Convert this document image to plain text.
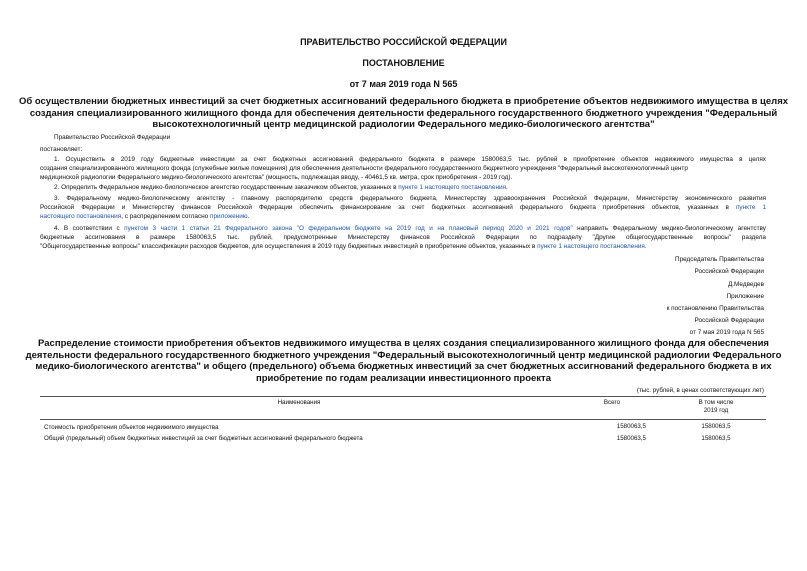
ПРАВИТЕЛЬСТВО РОССИЙСКОЙ ФЕДЕРАЦИИ
ПОСТАНОВЛЕНИЕ
от 7 мая 2019 года N 565
Об осуществлении бюджетных инвестиций за счет бюджетных ассигнований федерального бюджета в приобретение объектов недвижимого имущества в целях
создания специализированного жилищного фонда для обеспечения деятельности федерального государственного бюджетного учреждения "Федеральный
высокотехнологичный центр медицинской радиологии Федерального медико-биологического агентства"
Правительство Российской Федерации
постановляет:
1. Осуществить в 2019 году бюджетные инвестиции за счет бюджетных ассигнований федерального бюджета в размере 1580063,5 тыс. рублей в приобретение объектов недвижимого имущества в целях
создания специализированного жилищного фонда (служебные жилые помещения) для обеспечения деятельности федерального государственного бюджетного учреждения "Федеральный высокотехнологичный центр
медицинской радиологии Федерального медико-биологического агентства" (мощность, подлежащая вводу, - 40461,5 кв. метра, срок приобретения - 2019 год).
2. Определить Федеральное медико-биологическое агентство государственным заказчиком объектов, указанных в пункте 1 настоящего постановления.
3. Федеральному медико-биологическому агентству - главному распорядителю средств федерального бюджета, Министерству здравоохранения Российской Федерации, Министерству экономического развития
Российской Федерации и Министерству финансов Российской Федерации обеспечить финансирование за счет бюджетных ассигнований федерального бюджета приобретения объектов, указанных в пункте 1
настоящего постановления, с распределением согласно приложению.
4. В соответствии с пунктом 3 части 1 статьи 21 Федерального закона "О федеральном бюджете на 2019 год и на плановый период 2020 и 2021 годов" направить Федеральному медико-биологическому агентству
бюджетные ассигнования в размере 1580063,5 тыс. рублей, предусмотренные Министерству финансов Российской Федерации по подразделу "Другие общегосударственные вопросы" раздела
"Общегосударственные вопросы" классификации расходов бюджетов, для осуществления в 2019 году бюджетных инвестиций в приобретение объектов, указанных в пункте 1 настоящего постановления.
Председатель Правительства
Российской Федерации
Д.Медведев
Приложение
к постановлению Правительства
Российской Федерации
от 7 мая 2019 года N 565
Распределение стоимости приобретения объектов недвижимого имущества в целях создания специализированного жилищного фонда для обеспечения
деятельности федерального государственного бюджетного учреждения "Федеральный высокотехнологичный центр медицинской радиологии Федерального
медико-биологического агентства" и общего (предельного) объема бюджетных инвестиций за счет бюджетных ассигнований федерального бюджета в их
приобретение по годам реализации инвестиционного проекта
(тыс. рублей, в ценах соответствующих лет)
Наименования	Всего	В том числе
2019 год

Стоимость приобретения объектов недвижимого имущества	1580063,5	1580063,5
Общий (предельный) объем бюджетных инвестиций за счет бюджетных ассигнований федерального бюджета	1580063,5	1580063,5
